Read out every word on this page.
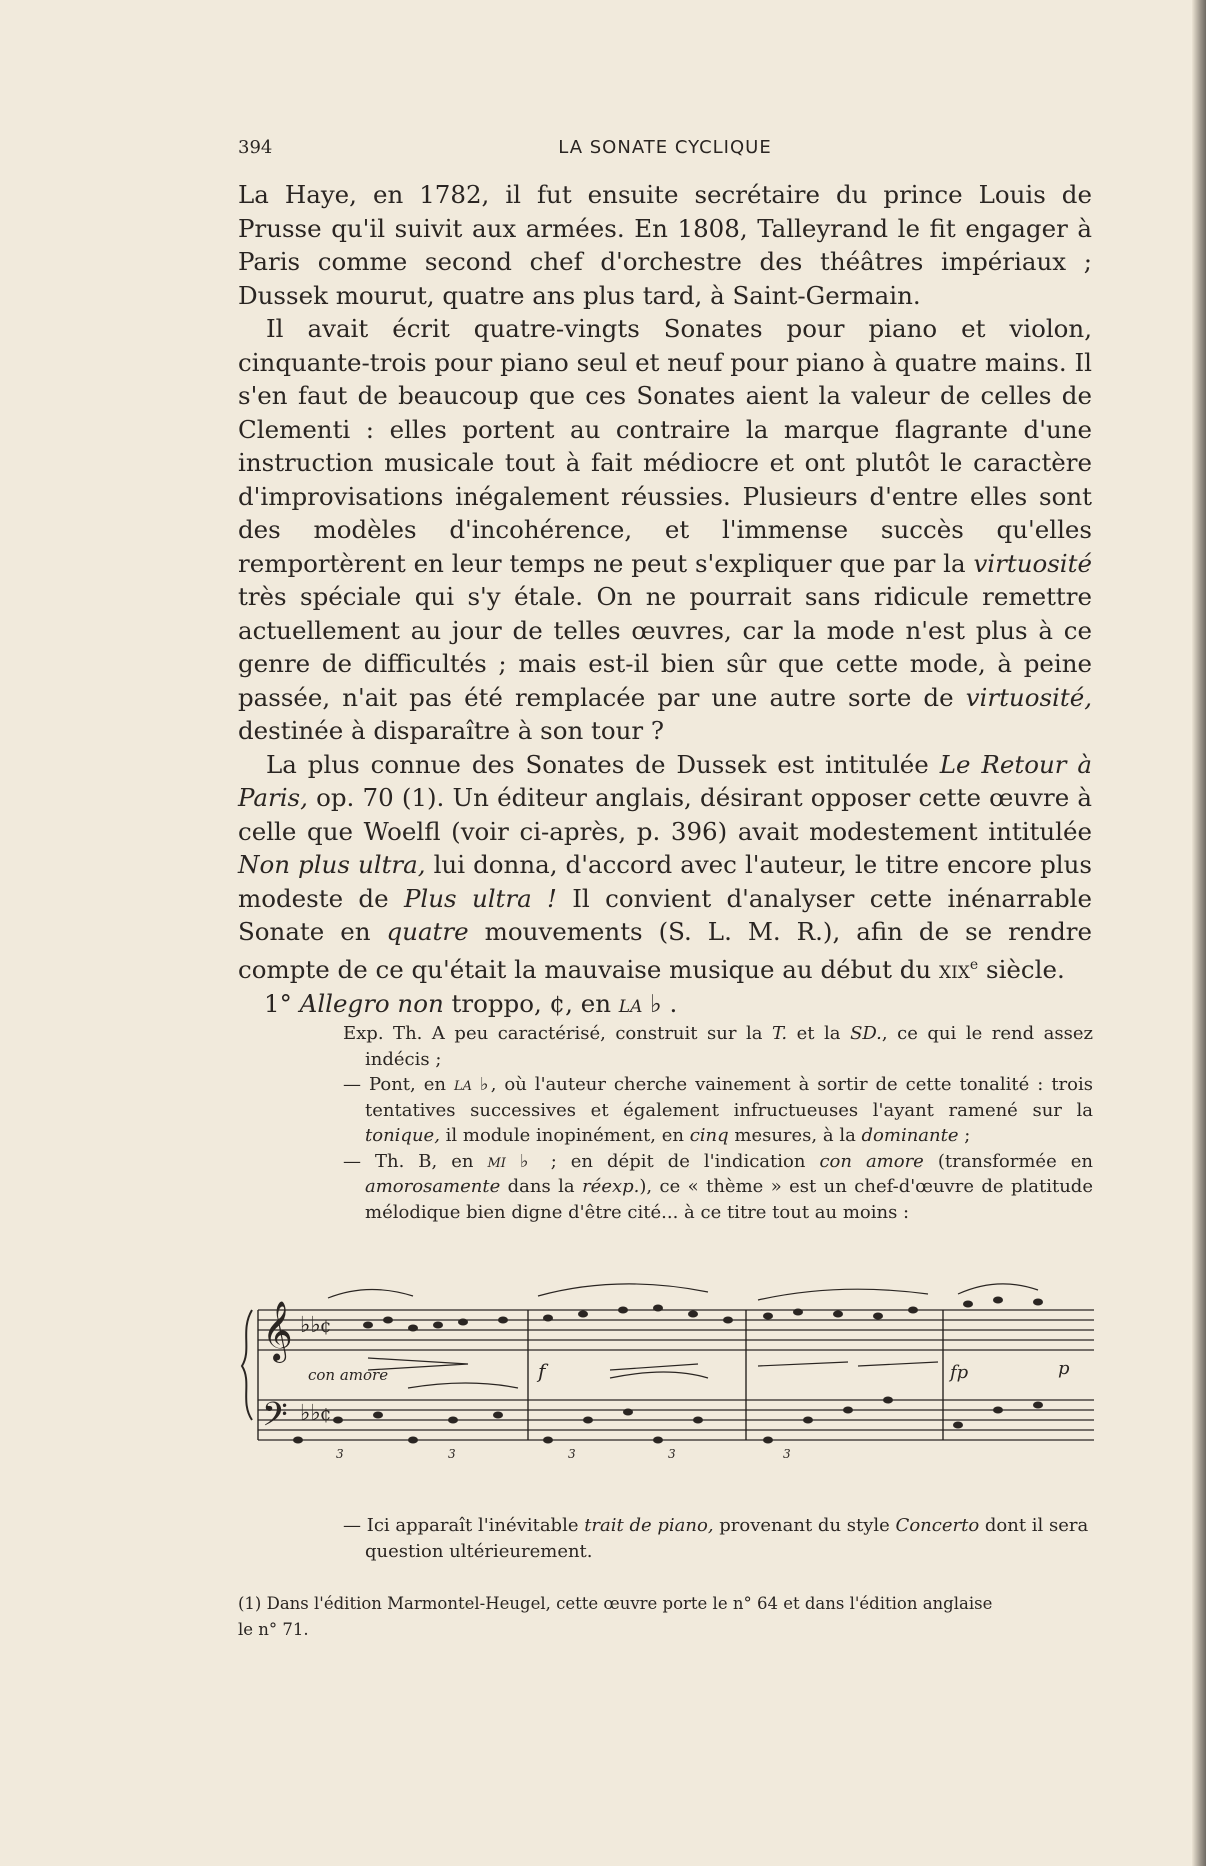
394	LA SONATE CYCLIQUE

La Haye, en 1782, il fut ensuite secrétaire du prince Louis de Prusse qu'il suivit aux armées. En 1808, Talleyrand le fit engager à Paris comme second chef d'orchestre des théâtres impériaux ; Dussek mourut, quatre ans plus tard, à Saint-Germain.

Il avait écrit quatre-vingts Sonates pour piano et violon, cinquante-trois pour piano seul et neuf pour piano à quatre mains. Il s'en faut de beaucoup que ces Sonates aient la valeur de celles de Clementi : elles portent au contraire la marque flagrante d'une instruction musicale tout à fait médiocre et ont plutôt le caractère d'improvisations inégalement réussies. Plusieurs d'entre elles sont des modèles d'incohérence, et l'immense succès qu'elles remportèrent en leur temps ne peut s'expliquer que par la virtuosité très spéciale qui s'y étale. On ne pourrait sans ridicule remettre actuellement au jour de telles œuvres, car la mode n'est plus à ce genre de difficultés ; mais est-il bien sûr que cette mode, à peine passée, n'ait pas été remplacée par une autre sorte de virtuosité, destinée à disparaître à son tour ?

La plus connue des Sonates de Dussek est intitulée Le Retour à Paris, op. 70 (1). Un éditeur anglais, désirant opposer cette œuvre à celle que Woelfl (voir ci-après, p. 396) avait modestement intitulée Non plus ultra, lui donna, d'accord avec l'auteur, le titre encore plus modeste de Plus ultra ! Il convient d'analyser cette inénarrable Sonate en quatre mouvements (S. L. M. R.), afin de se rendre compte de ce qu'était la mauvaise musique au début du xix$^e$ siècle.

1° Allegro non troppo, ¢, en la ♭ .

Exp. Th. A peu caractérisé, construit sur la T. et la SD., ce qui le rend assez indécis ;

— Pont, en la ♭, où l'auteur cherche vainement à sortir de cette tonalité : trois tentatives successives et également infructueuses l'ayant ramené sur la tonique, il module inopinément, en cinq mesures, à la dominante ;

— Th. B, en mi ♭ ; en dépit de l'indication con amore (transformée en amorosamente dans la réexp.), ce « thème » est un chef-d'œuvre de platitude mélodique bien digne d'être cité... à ce titre tout au moins :

𝄞
𝄢
♭♭
♭♭
¢
¢
con amore	f	fp	p
3	3	3	3	3

— Ici apparaît l'inévitable trait de piano, provenant du style Concerto dont il sera question ultérieurement.

(1) Dans l'édition Marmontel-Heugel, cette œuvre porte le n° 64 et dans l'édition anglaise

le n° 71.
